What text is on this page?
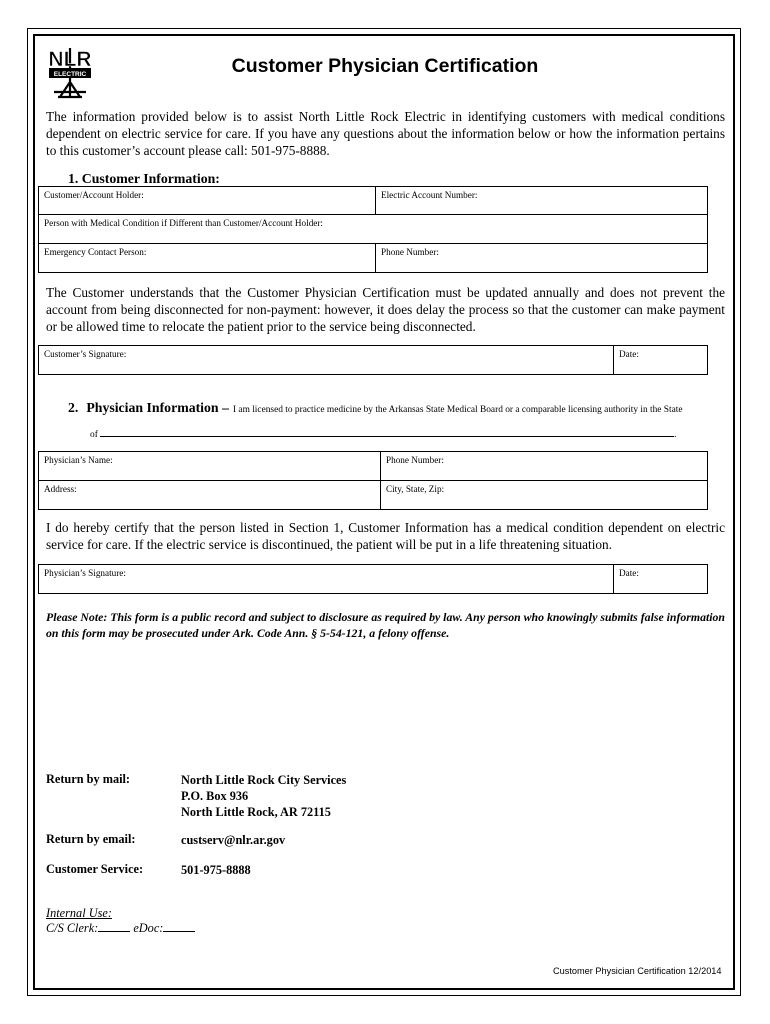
NLR
ELECTRIC	Customer Physician Certification
The information provided below is to assist North Little Rock Electric in identifying customers with medical conditions dependent on electric service for care. If you have any questions about the information below or how the information pertains to this customer’s account please call: 501-975-8888.
1. Customer Information:
Customer/Account Holder:	Electric Account Number:
Person with Medical Condition if Different than Customer/Account Holder:	
Emergency Contact Person:	Phone Number:
The Customer understands that the Customer Physician Certification must be updated annually and does not prevent the account from being disconnected for non-payment: however, it does delay the process so that the customer can make payment or be allowed time to relocate the patient prior to the service being disconnected.
Customer’s Signature:	Date:
2. Physician Information – I am licensed to practice medicine by the Arkansas State Medical Board or a comparable licensing authority in the State
of	.
Physician’s Name:	Phone Number:
Address:	City, State, Zip:
I do hereby certify that the person listed in Section 1, Customer Information has a medical condition dependent on electric service for care. If the electric service is discontinued, the patient will be put in a life threatening situation.
Physician’s Signature:	Date:
Please Note: This form is a public record and subject to disclosure as required by law. Any person who knowingly submits false information on this form may be prosecuted under Ark. Code Ann. § 5-54-121, a felony offense.
Return by mail:	North Little Rock City Services
P.O. Box 936
North Little Rock, AR 72115
Return by email:	custserv@nlr.ar.gov
Customer Service:	501-975-8888
Internal Use:
C/S Clerk:	eDoc:
Customer Physician Certification 12/2014
